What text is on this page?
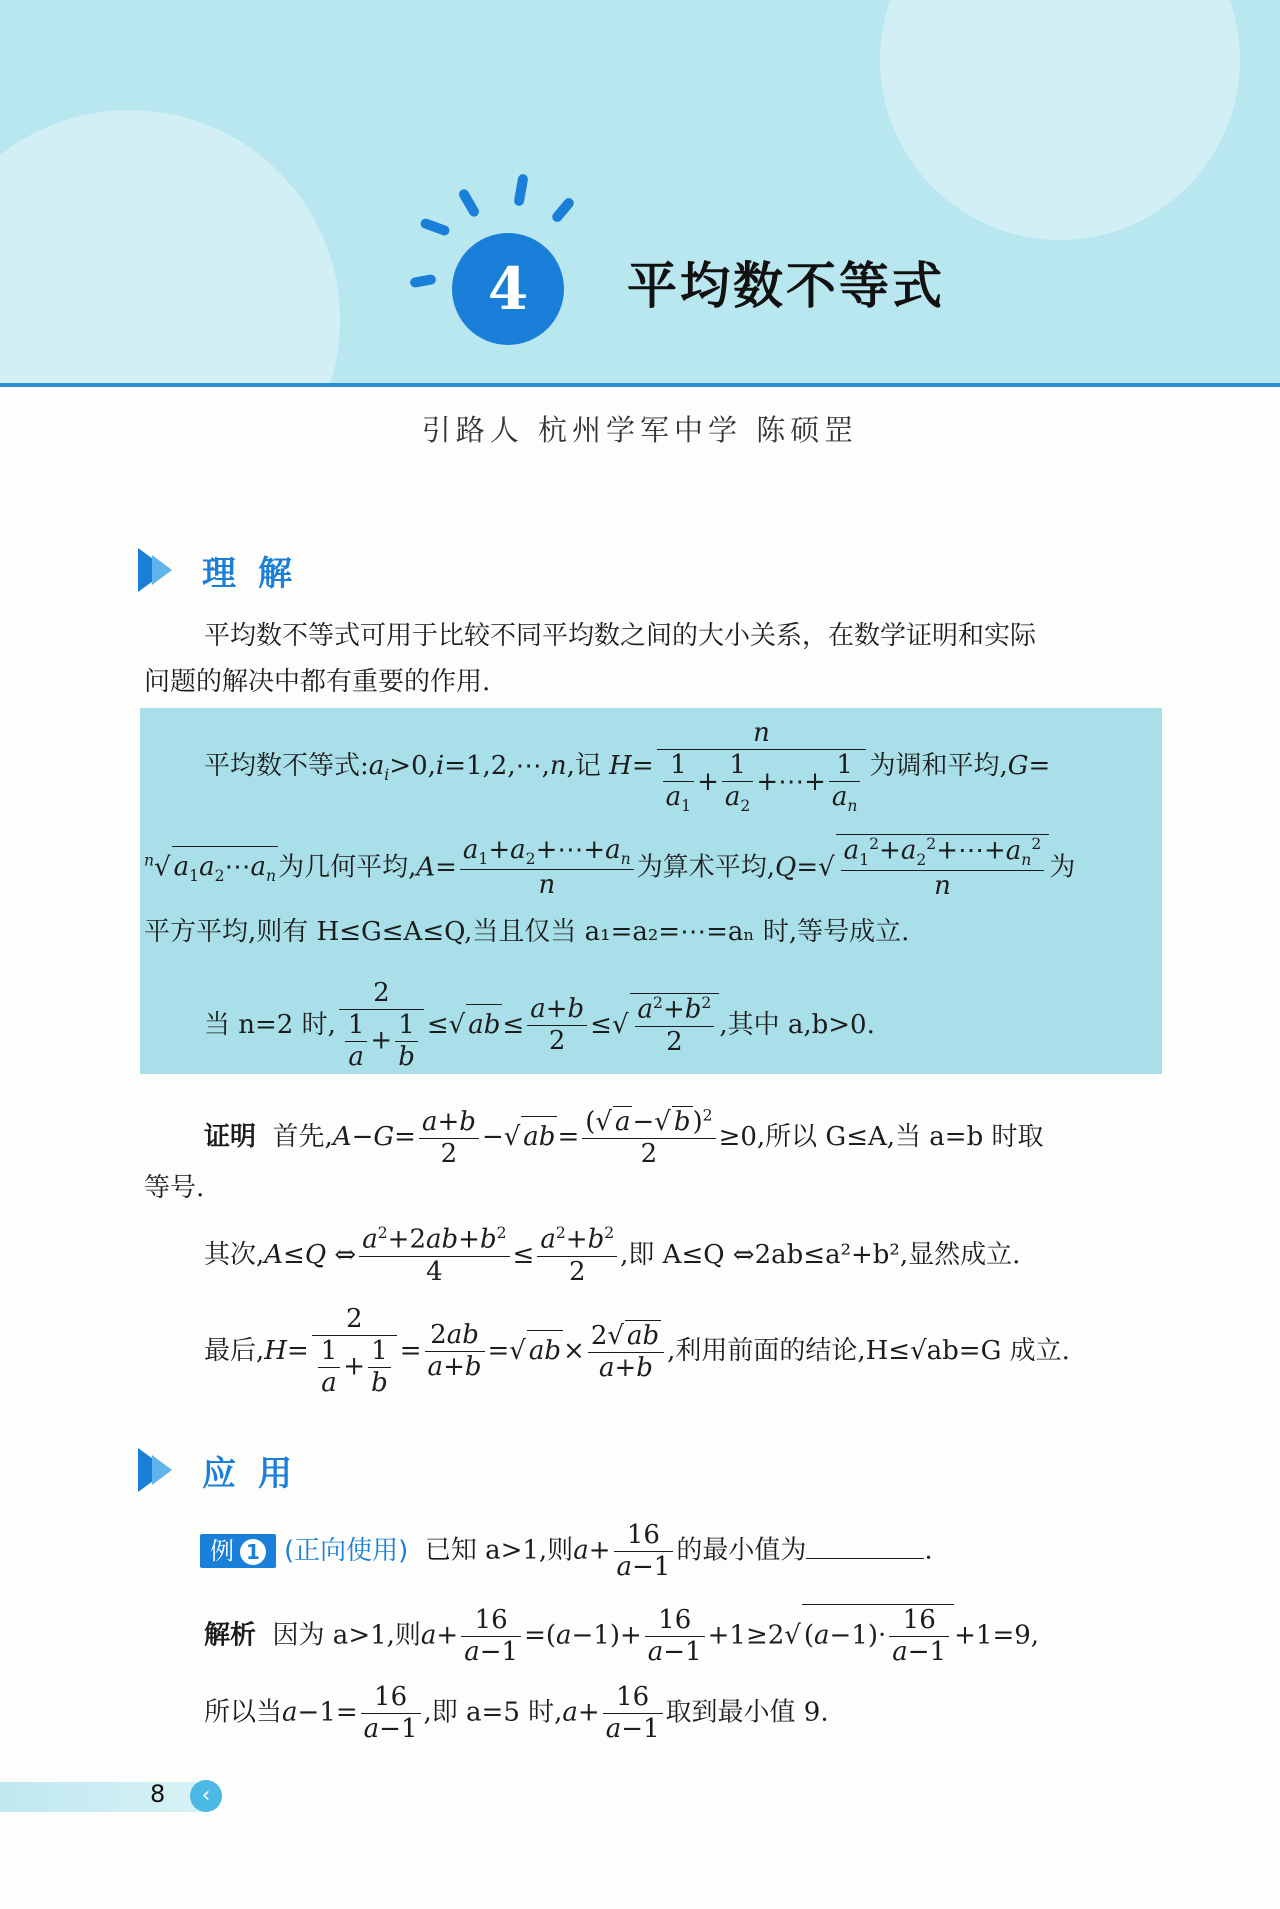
4	平均数不等式
引路人 杭州学军中学 陈硕罡
理解
平均数不等式可用于比较不同平均数之间的大小关系，在数学证明和实际
问题的解决中都有重要的作用.
平均数不等式$:a_i>0,i=1,2,\cdots,n$,记 $H= \frac{n}{\frac{1}{a_1} + \frac{1}{a_2} +\cdots+ \frac{1}{a_n}}$ 为调和平均,G=
$^n$√ $a_1a_2\cdots a_n$为几何平均$,A= \frac{a_1+a_2+\cdots+a_n}{n}$ 为算术平均$,Q=√ \frac{a_1^2+a_2^2+\cdots+a_n^2}{n}$ 为
平方平均,则有 H≤G≤A≤Q,当且仅当 a₁=a₂=⋯=aₙ 时,等号成立.
当 n=2 时, $\frac{2}{\frac{1}{a} + \frac{1}{b}}$ ≤√ $ab\le \frac{a+b}{2}$ ≤√ $\frac{a^2+b^2}{2}$ ,其中 a,b>0.
证明 首先$,A-G= \frac{a+b}{2}$ −√ $ab= \frac{(√ a-√ b)^2}{2} \ge 0$,所以 G≤A,当 a=b 时取
等号.
其次,A≤Q ⇔ $\frac{a^2+2ab+b^2}{4} \le \frac{a^2+b^2}{2}$ ,即 A≤Q ⇔2ab≤a²+b²,显然成立.
最后$,H= \frac{2}{\frac{1}{a} + \frac{1}{b}} = \frac{2ab}{a+b}$ =√ $ab\times \frac{2√ ab}{a+b}$ ,利用前面的结论,H≤√ab=G 成立.
应用
例 1 (正向使用) 已知 a>1,则$a+ \frac{16}{a-1}$ 的最小值为	.
解析 因为 a>1,则$a+ \frac{16}{a-1} =(a-1)+ \frac{16}{a-1} +1\ge 2√$ $(a-1)\cdot \frac{16}{a-1} +1=9$,
所以当$a-1= \frac{16}{a-1}$ ,即 a=5 时$,a+ \frac{16}{a-1}$ 取到最小值 9.
8	‹
